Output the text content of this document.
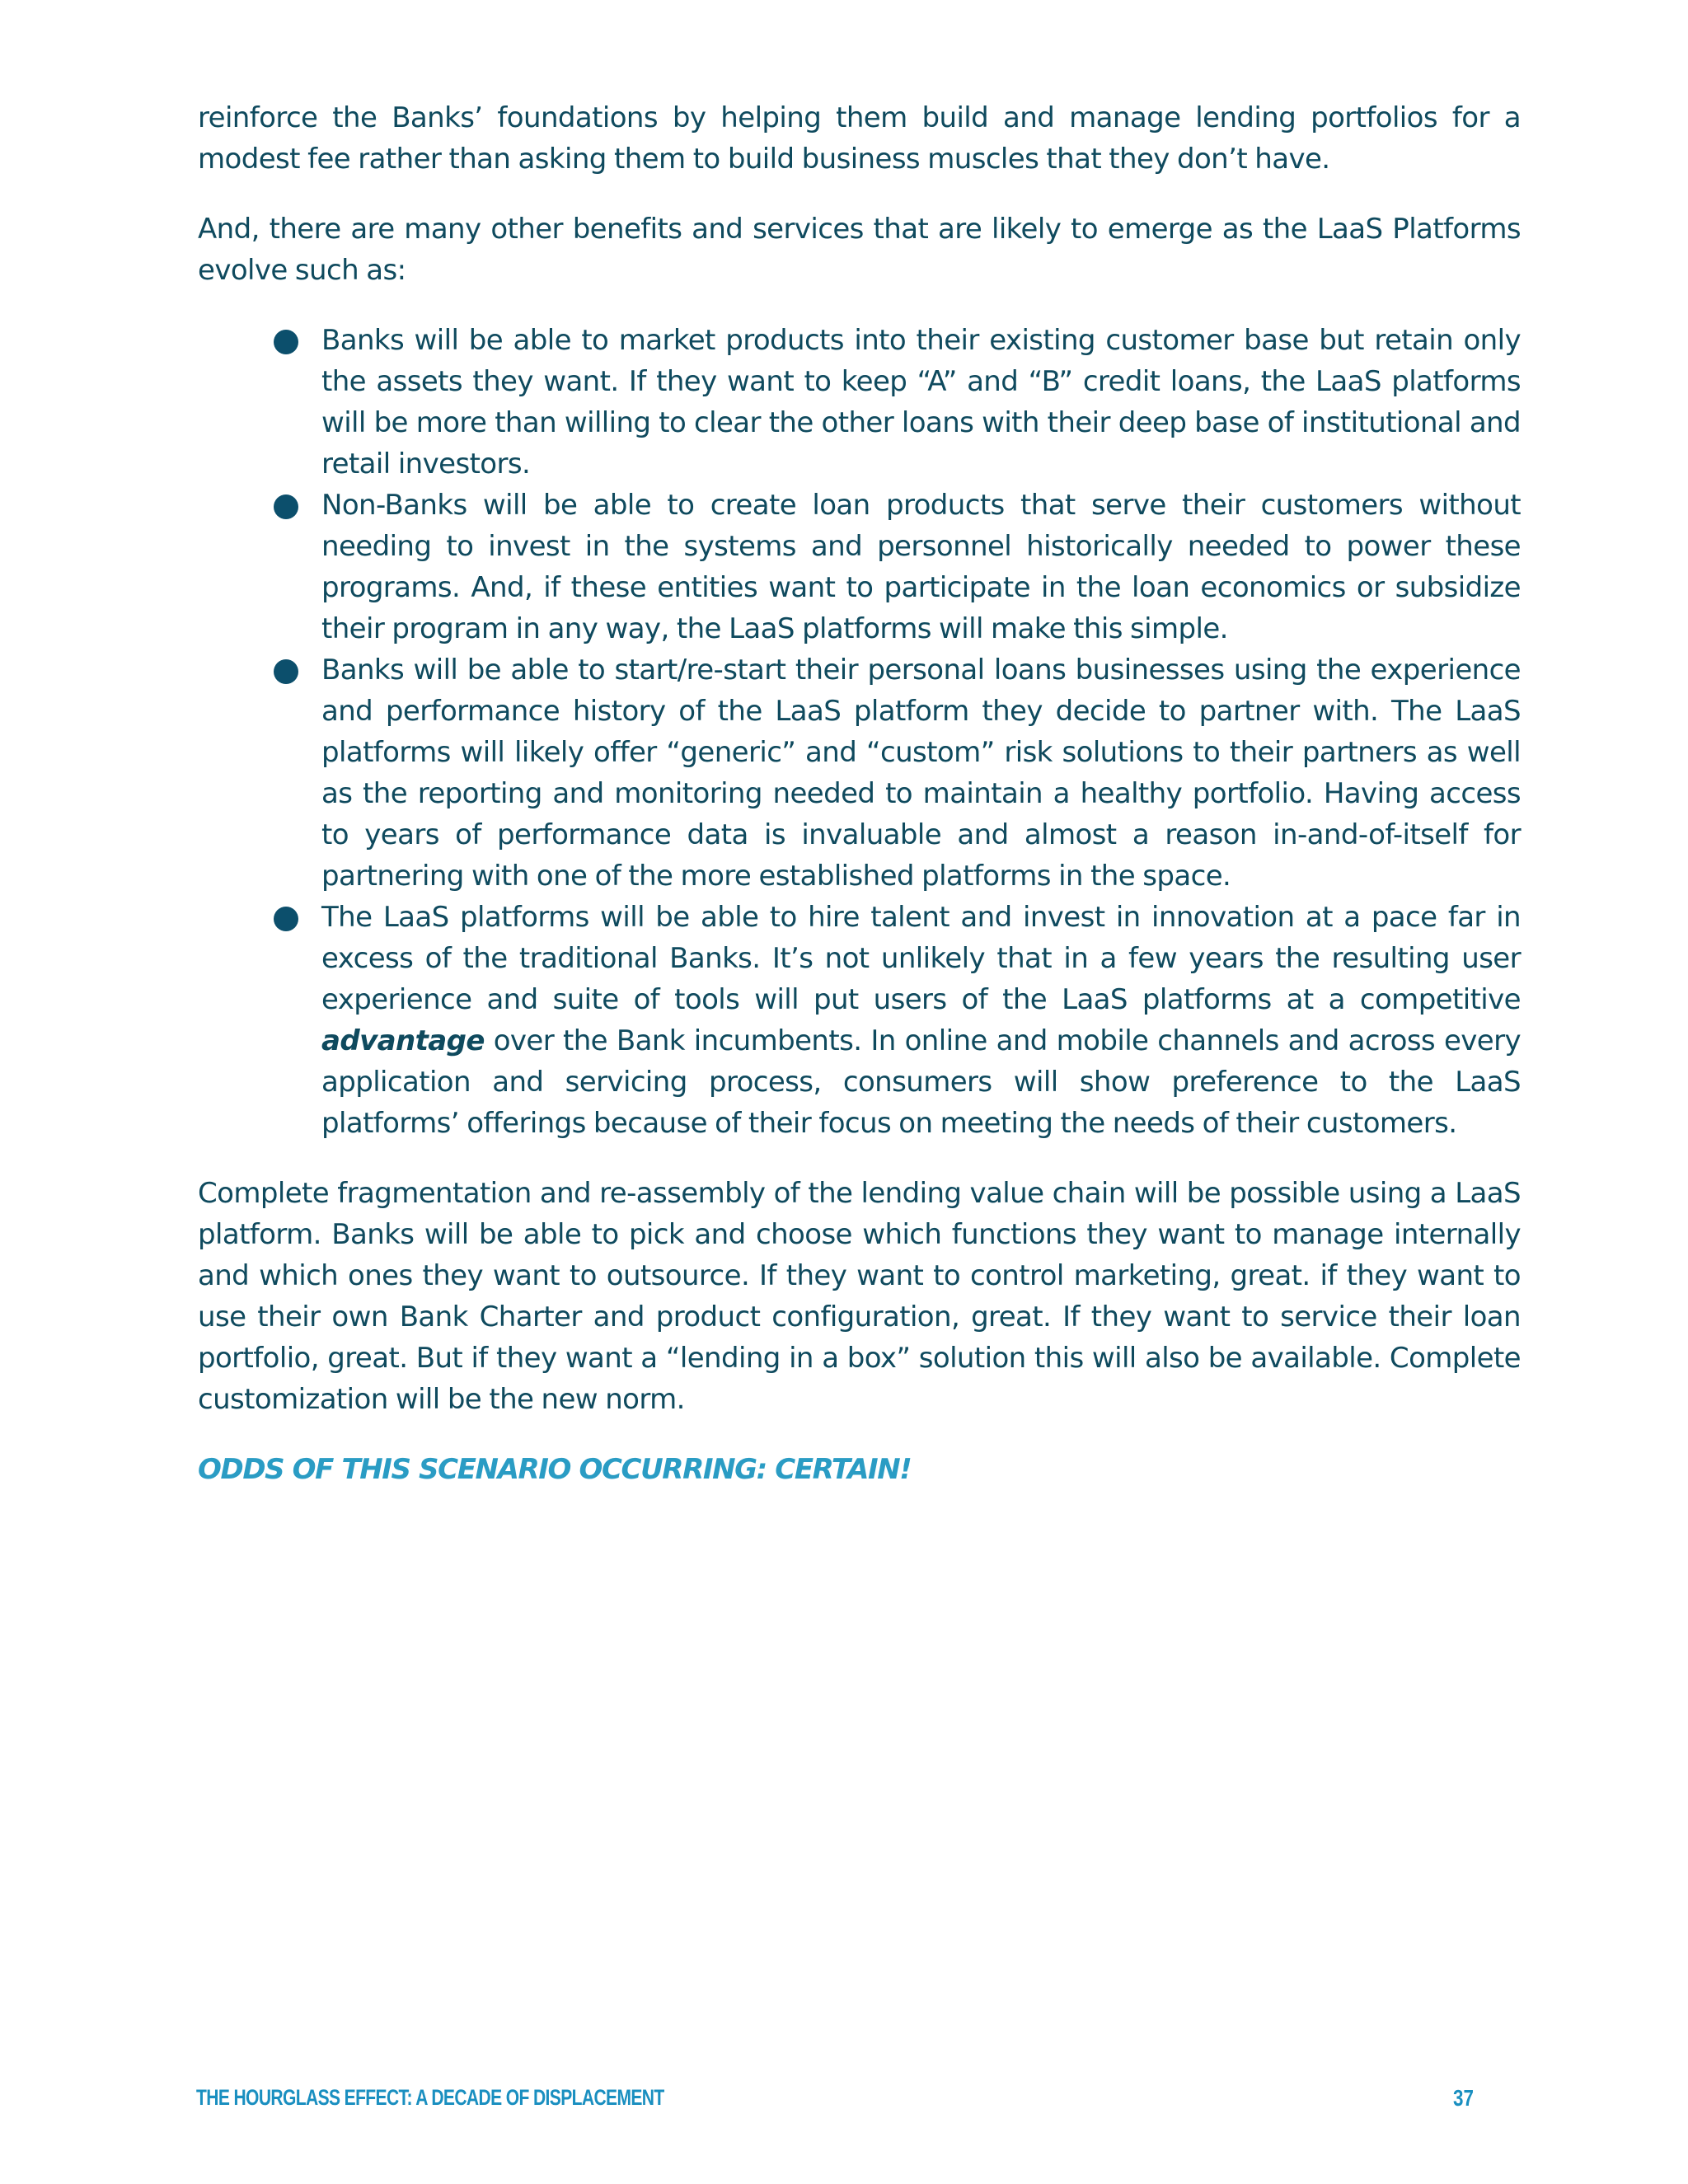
reinforce the Banks’ foundations by helping them build and manage lending portfolios for a modest fee rather than asking them to build business muscles that they don’t have.

And, there are many other benefits and services that are likely to emerge as the LaaS Platforms evolve such as:

Banks will be able to market products into their existing customer base but retain only the assets they want. If they want to keep “A” and “B” credit loans, the LaaS platforms will be more than willing to clear the other loans with their deep base of institutional and retail investors.
Non-Banks will be able to create loan products that serve their customers without needing to invest in the systems and personnel historically needed to power these programs. And, if these entities want to participate in the loan economics or subsidize their program in any way, the LaaS platforms will make this simple.
Banks will be able to start/re-start their personal loans businesses using the experience and performance history of the LaaS platform they decide to partner with. The LaaS platforms will likely offer “generic” and “custom” risk solutions to their partners as well as the reporting and monitoring needed to maintain a healthy portfolio. Having access to years of performance data is invaluable and almost a reason in-and-of-itself for partnering with one of the more established platforms in the space.
The LaaS platforms will be able to hire talent and invest in innovation at a pace far in excess of the traditional Banks. It’s not unlikely that in a few years the resulting user experience and suite of tools will put users of the LaaS platforms at a competitive advantage over the Bank incumbents. In online and mobile channels and across every application and servicing process, consumers will show preference to the LaaS platforms’ offerings because of their focus on meeting the needs of their customers.

Complete fragmentation and re-assembly of the lending value chain will be possible using a LaaS platform. Banks will be able to pick and choose which functions they want to manage internally and which ones they want to outsource. If they want to control marketing, great. if they want to use their own Bank Charter and product configuration, great. If they want to service their loan portfolio, great. But if they want a “lending in a box” solution this will also be available. Complete customization will be the new norm.

ODDS OF THIS SCENARIO OCCURRING: CERTAIN!

THE HOURGLASS EFFECT: A DECADE OF DISPLACEMENT	37
